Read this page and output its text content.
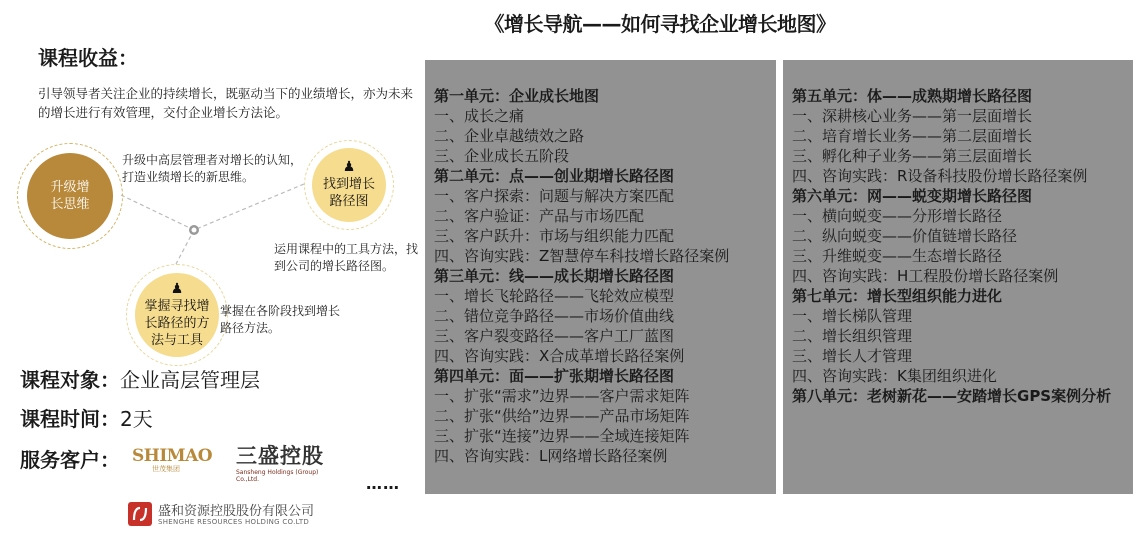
《增长导航——如何寻找企业增长地图》
课程收益：
引导领导者关注企业的持续增长，既驱动当下的业绩增长，亦为未来的增长进行有效管理，交付企业增长方法论。
升级增
长思维
♟
找到增长
路径图
♟
掌握寻找增
长路径的方
法与工具
升级中高层管理者对增长的认知，打造业绩增长的新思维。
运用课程中的工具方法，找到公司的增长路径图。
掌握在各阶段找到增长路径方法。
课程对象：企业高层管理层
课程时间：2天
服务客户： SHIMAO
世茂集团
三盛控股
Sansheng Holdings (Group) Co.,Ltd.	……
盛和资源控股股份有限公司
SHENGHE RESOURCES HOLDING CO.LTD
第一单元：企业成长地图
一、成长之痛
二、企业卓越绩效之路
三、企业成长五阶段
第二单元：点——创业期增长路径图
一、客户探索：问题与解决方案匹配
二、客户验证：产品与市场匹配
三、客户跃升：市场与组织能力匹配
四、咨询实践：Z智慧停车科技增长路径案例
第三单元：线——成长期增长路径图
一、增长飞轮路径——飞轮效应模型
二、错位竞争路径——市场价值曲线
三、客户裂变路径——客户工厂蓝图
四、咨询实践：X合成革增长路径案例
第四单元：面——扩张期增长路径图
一、扩张“需求”边界——客户需求矩阵
二、扩张“供给”边界——产品市场矩阵
三、扩张“连接”边界——全域连接矩阵
四、咨询实践：L网络增长路径案例
第五单元：体——成熟期增长路径图
一、深耕核心业务——第一层面增长
二、培育增长业务——第二层面增长
三、孵化种子业务——第三层面增长
四、咨询实践：R设备科技股份增长路径案例
第六单元：网——蜕变期增长路径图
一、横向蜕变——分形增长路径
二、纵向蜕变——价值链增长路径
三、升维蜕变——生态增长路径
四、咨询实践：H工程股份增长路径案例
第七单元：增长型组织能力进化
一、增长梯队管理
二、增长组织管理
三、增长人才管理
四、咨询实践：K集团组织进化
第八单元：老树新花——安踏增长GPS案例分析
